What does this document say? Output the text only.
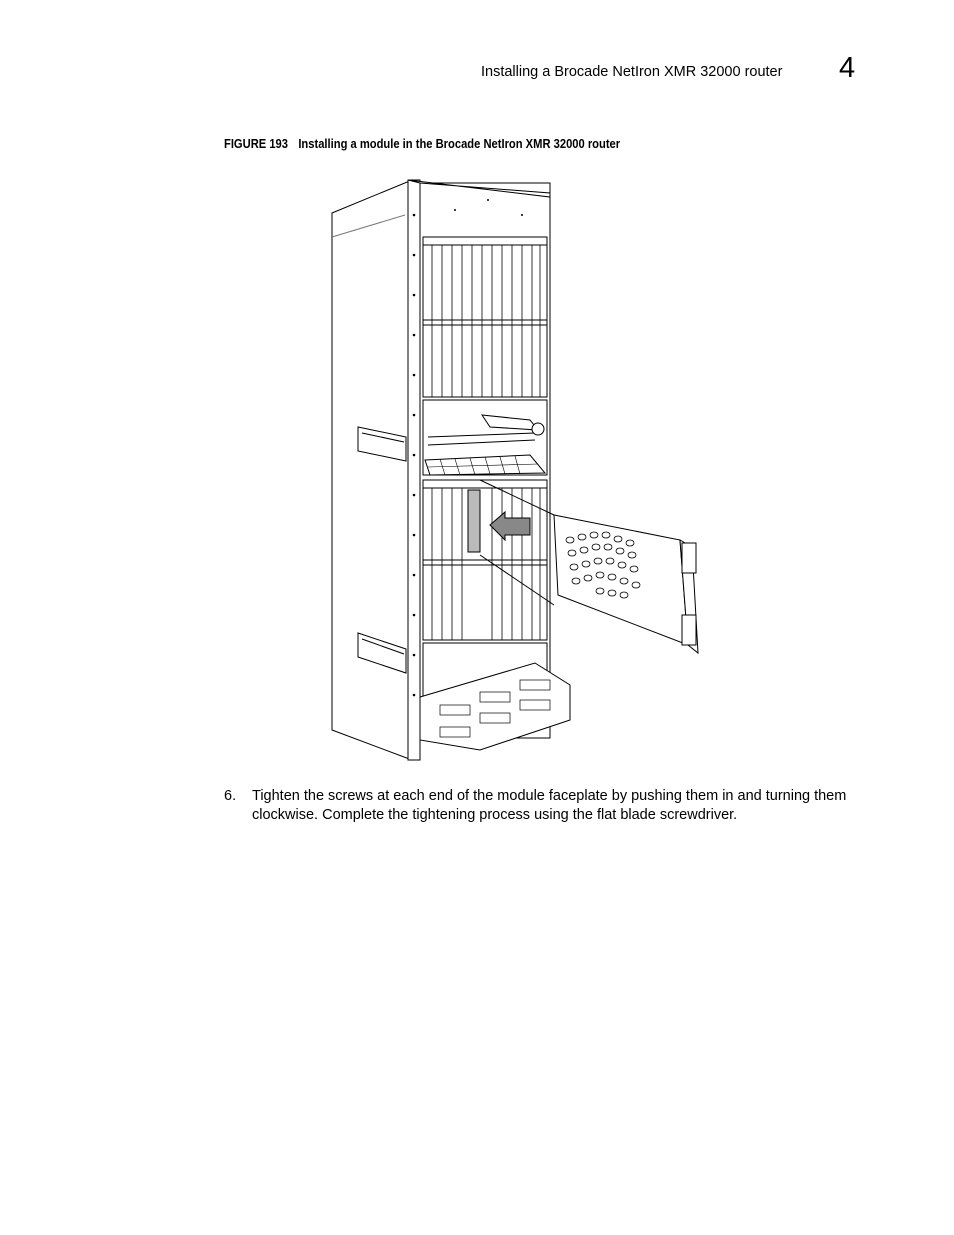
Installing a Brocade NetIron XMR 32000 router 4
FIGURE 193 Installing a module in the Brocade NetIron XMR 32000 router
6. Tighten the screws at each end of the module faceplate by pushing them in and turning them clockwise. Complete the tightening process using the flat blade screwdriver.
